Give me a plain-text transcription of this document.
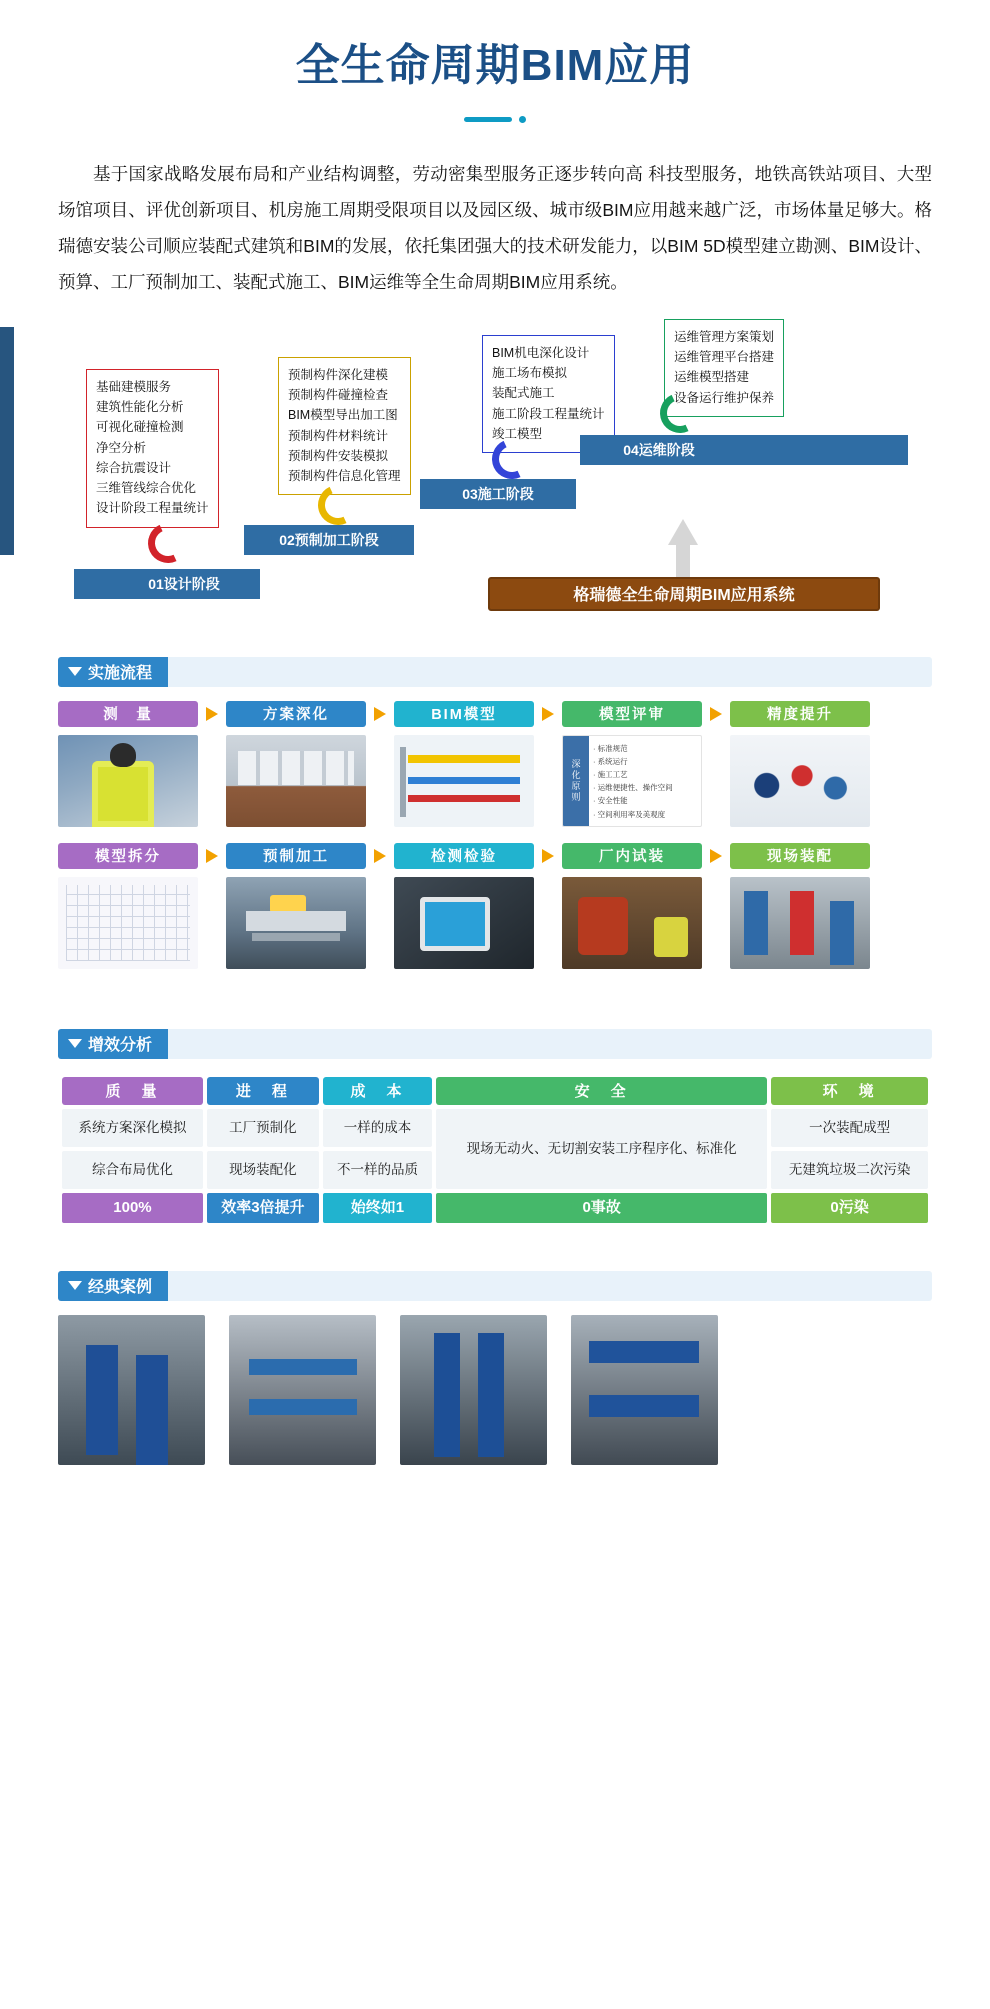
全生命周期BIM应用

基于国家战略发展布局和产业结构调整，劳动密集型服务正逐步转向高 科技型服务，地铁高铁站项目、大型场馆项目、评优创新项目、机房施工周期受限项目以及园区级、城市级BIM应用越来越广泛，市场体量足够大。格瑞德安装公司顺应装配式建筑和BIM的发展，依托集团强大的技术研发能力，以BIM 5D模型建立勘测、BIM设计、预算、工厂预制加工、装配式施工、BIM运维等全生命周期BIM应用系统。

基础建模服务
建筑性能化分析
可视化碰撞检测
净空分析
综合抗震设计
三维管线综合优化
设计阶段工程量统计
预制构件深化建模
预制构件碰撞检查
BIM模型导出加工图
预制构件材料统计
预制构件安装模拟
预制构件信息化管理
BIM机电深化设计
施工场布模拟
装配式施工
施工阶段工程量统计
竣工模型
运维管理方案策划
运维管理平台搭建
运维模型搭建
设备运行维护保养
01设计阶段
02预制加工阶段
03施工阶段
04运维阶段
格瑞德全生命周期BIM应用系统
实施流程
测　量	方案深化	BIM模型	模型评审	精度提升
深化原则
· 标准规范
· 系统运行
· 施工工艺
· 运维便捷性、操作空间
· 安全性能
· 空间利用率及美观度
模型拆分	预制加工	检测检验	厂内试装	现场装配
增效分析
质　量	进　程	成　本	安　全	环　境
系统方案深化模拟	工厂预制化	一样的成本	现场无动火、无切割安装工序程序化、标准化	一次装配成型
综合布局优化	现场装配化	不一样的品质		无建筑垃圾二次污染
100%	效率3倍提升	始终如1	0事故	0污染
经典案例
